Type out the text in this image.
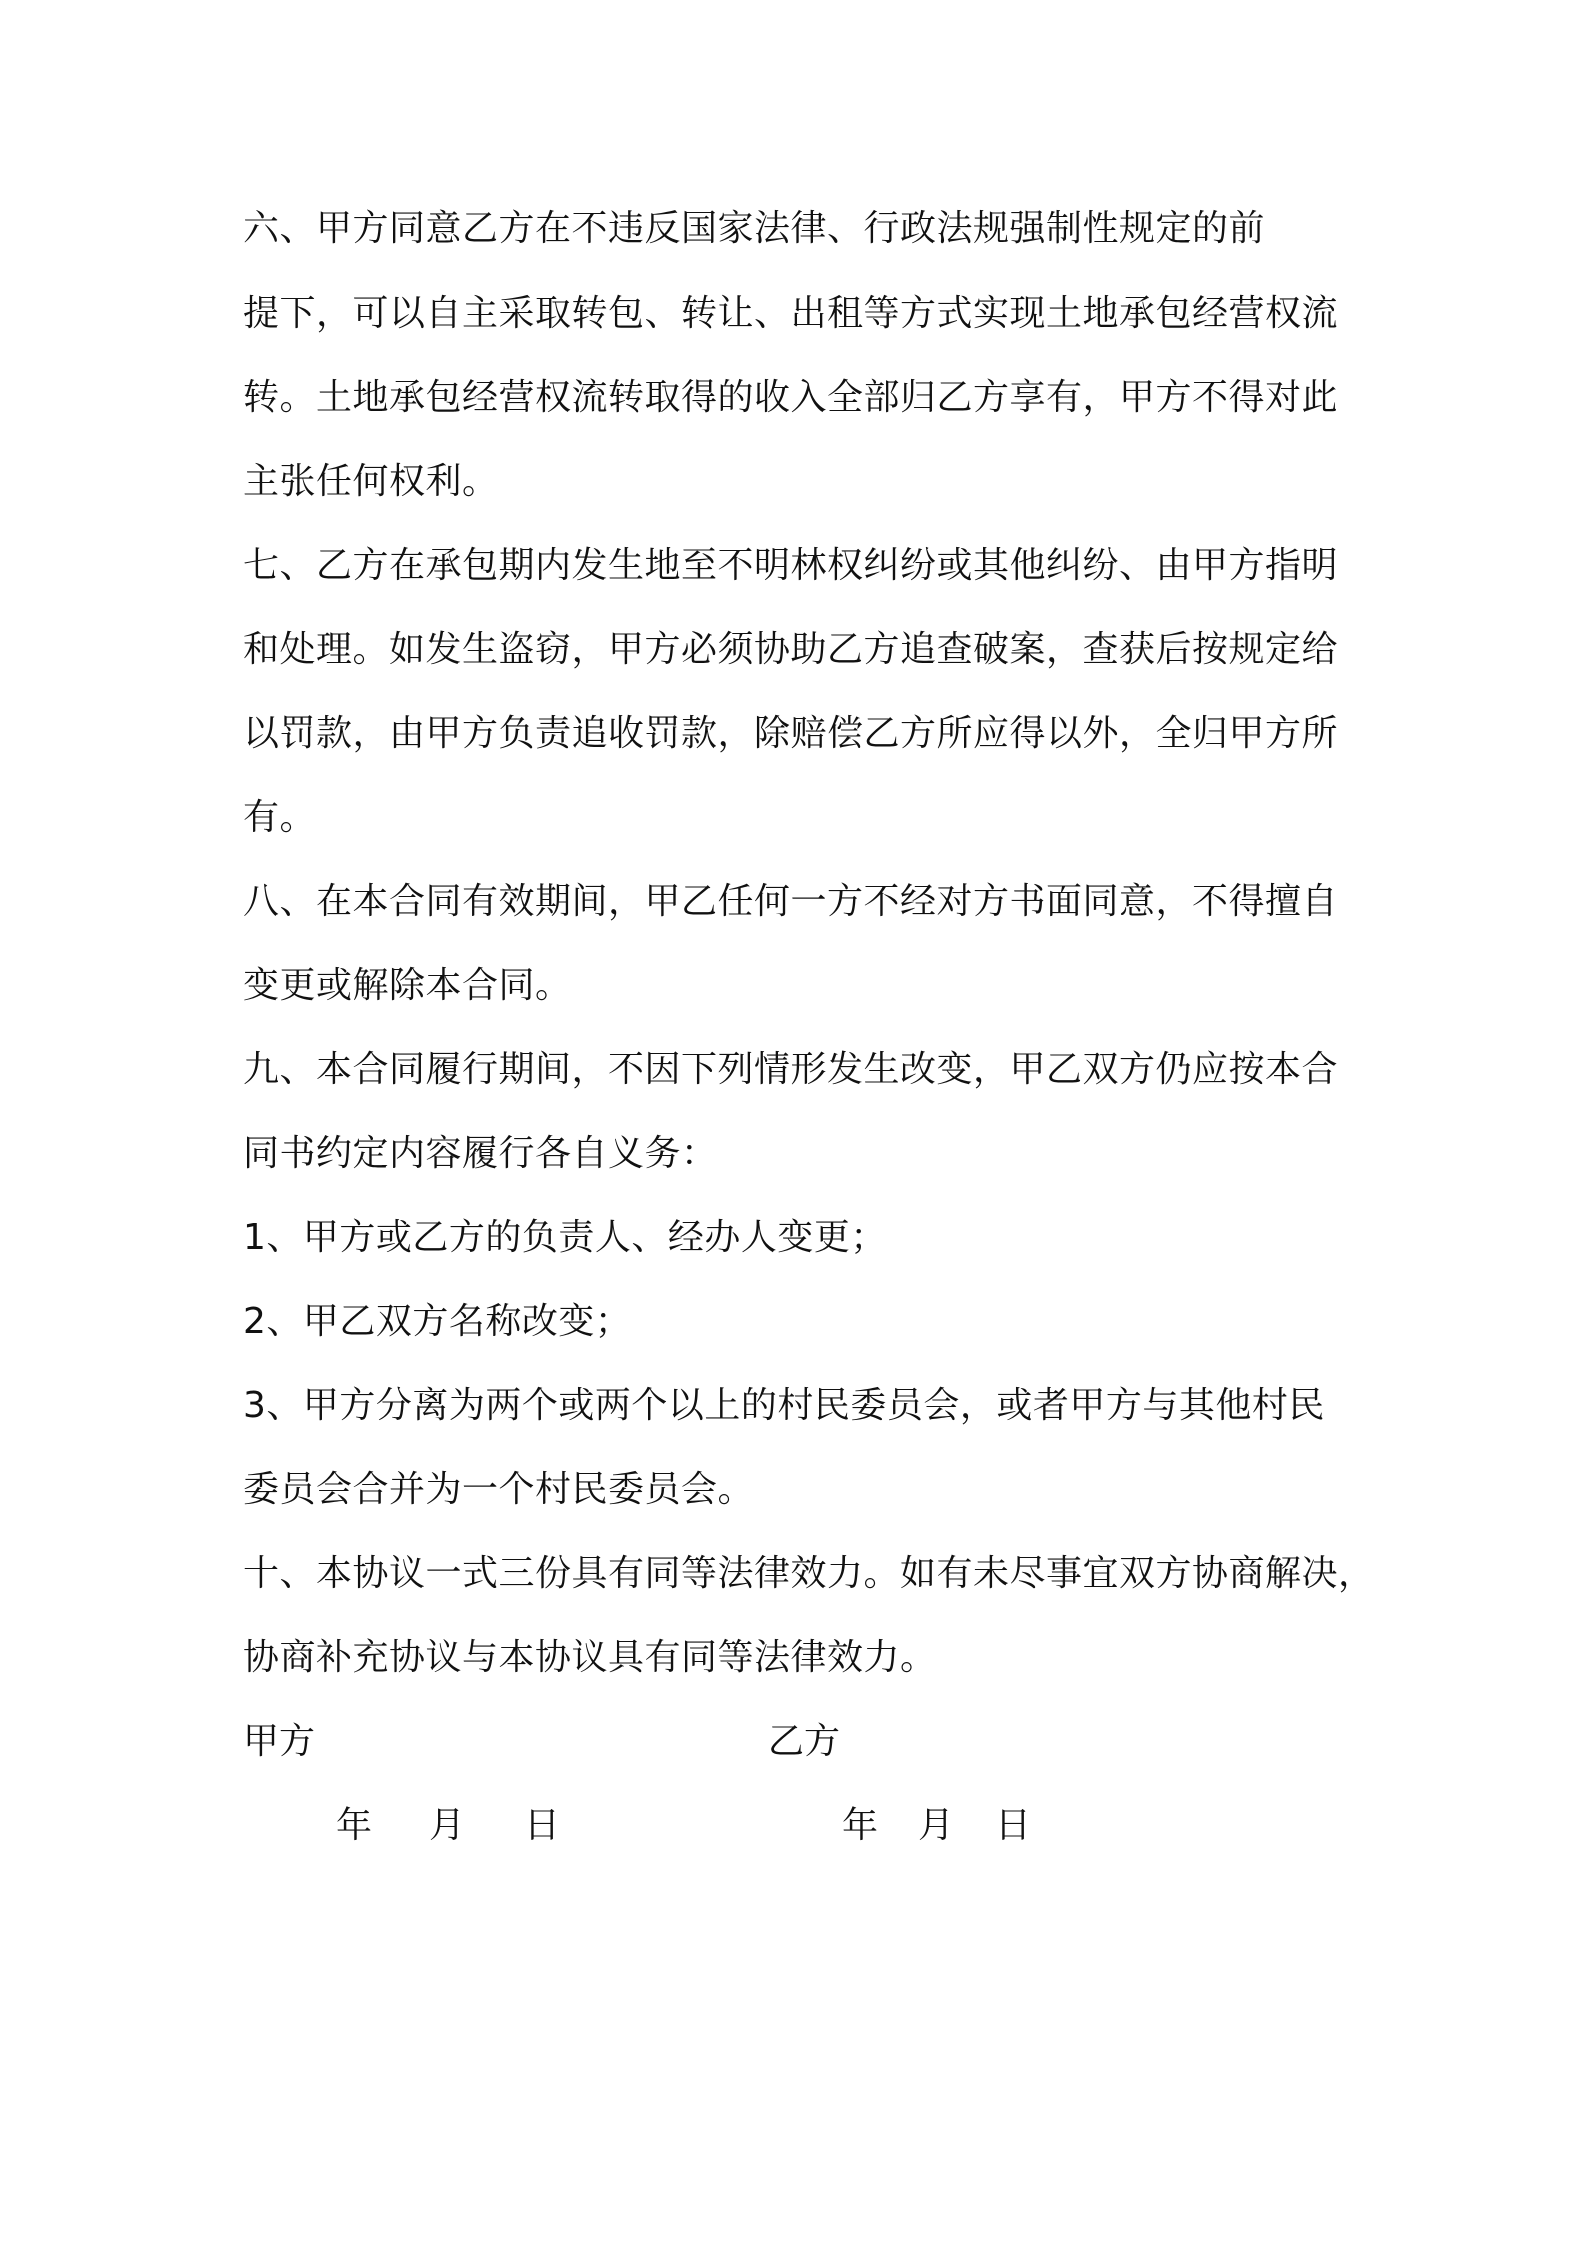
六、甲方同意乙方在不违反国家法律、行政法规强制性规定的前
提下，可以自主采取转包、转让、出租等方式实现土地承包经营权流
转。土地承包经营权流转取得的收入全部归乙方享有，甲方不得对此
主张任何权利。
七、乙方在承包期内发生地至不明林权纠纷或其他纠纷、由甲方指明
和处理。如发生盗窃，甲方必须协助乙方追查破案，查获后按规定给
以罚款，由甲方负责追收罚款，除赔偿乙方所应得以外，全归甲方所
有。
八、在本合同有效期间，甲乙任何一方不经对方书面同意，不得擅自
变更或解除本合同。
九、本合同履行期间，不因下列情形发生改变，甲乙双方仍应按本合
同书约定内容履行各自义务：
1、甲方或乙方的负责人、经办人变更；
2、甲乙双方名称改变；
3、甲方分离为两个或两个以上的村民委员会，或者甲方与其他村民
委员会合并为一个村民委员会。
十、本协议一式三份具有同等法律效力。如有未尽事宜双方协商解决，
协商补充协议与本协议具有同等法律效力。
甲方	乙方
年 月 日	年 月 日
